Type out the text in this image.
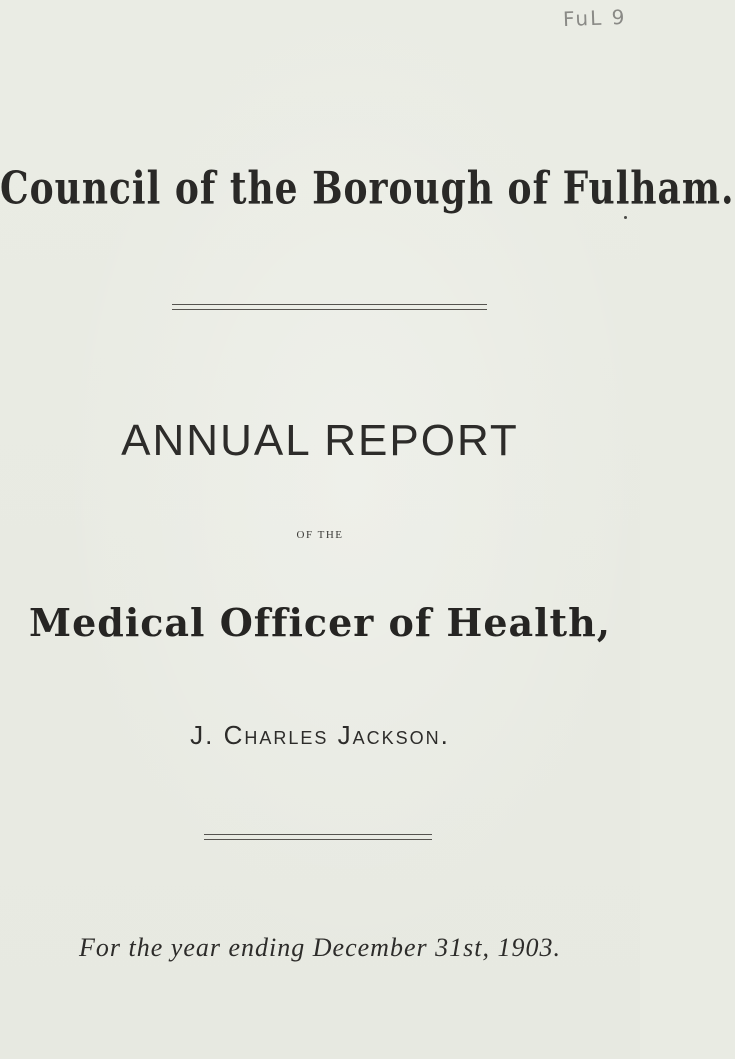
FuL 9
Council of the Borough of Fulham.
ANNUAL REPORT
OF THE
Medical Officer of Health,
J. Charles Jackson.
For the year ending December 31st, 1903.
